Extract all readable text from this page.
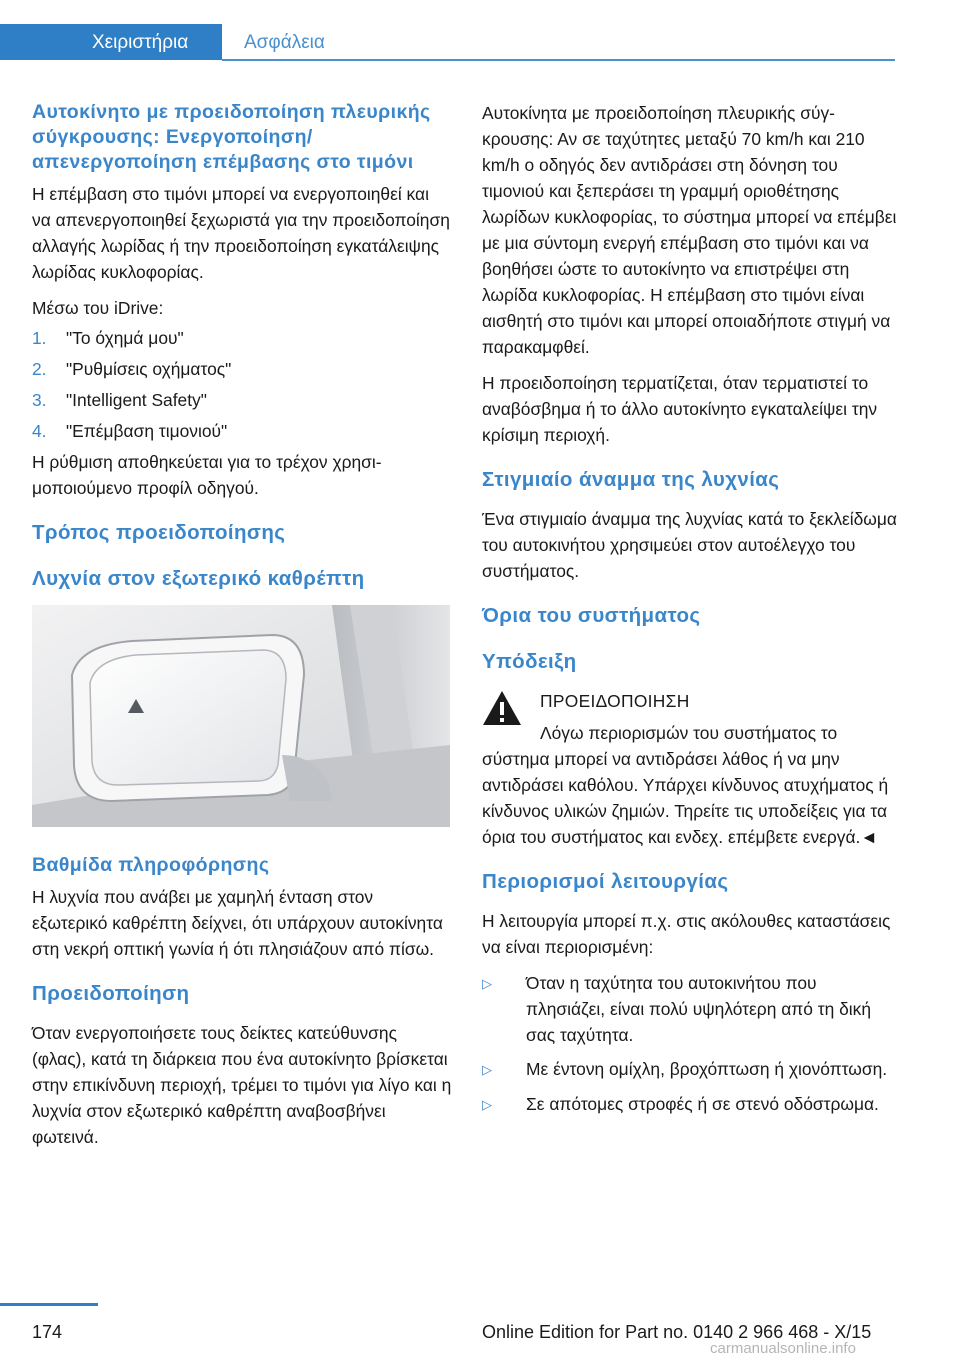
Χειριστήρια	Ασφάλεια
Αυτοκίνητο με προειδοποίηση πλευρικής σύγκρουσης: Ενεργοποίηση/απενεργοποίηση επέμβασης στο τιμόνι

Η επέμβαση στο τιμόνι μπορεί να ενεργοποιηθεί και να απενεργοποιηθεί ξεχωριστά για την προειδοποίηση αλλαγής λωρίδας ή την προειδοποίηση εγκατάλειψης λωρίδας κυκλοφορίας.

Μέσω του iDrive:

1.	"Το όχημά μου"
2.	"Ρυθμίσεις οχήματος"
3.	"Intelligent Safety"
4.	"Επέμβαση τιμονιού"

Η ρύθμιση αποθηκεύεται για το τρέχον χρησιμοποιούμενο προφίλ οδηγού.

Τρόπος προειδοποίησης
Λυχνία στον εξωτερικό καθρέπτη
Βαθμίδα πληροφόρησης

Η λυχνία που ανάβει με χαμηλή ένταση στον εξωτερικό καθρέπτη δείχνει, ότι υπάρχουν αυτοκίνητα στη νεκρή οπτική γωνία ή ότι πλησιάζουν από πίσω.

Προειδοποίηση

Όταν ενεργοποιήσετε τους δείκτες κατεύθυνσης (φλας), κατά τη διάρκεια που ένα αυτοκίνητο βρίσκεται στην επικίνδυνη περιοχή, τρέμει το τιμόνι για λίγο και η λυχνία στον εξωτερικό καθρέπτη αναβοσβήνει φωτεινά.

Αυτοκίνητα με προειδοποίηση πλευρικής σύγκρουσης: Αν σε ταχύτητες μεταξύ 70 km/h και 210 km/h ο οδηγός δεν αντιδράσει στη δόνηση του τιμονιού και ξεπεράσει τη γραμμή οριοθέτησης λωρίδων κυκλοφορίας, το σύστημα μπορεί να επέμβει με μια σύντομη ενεργή επέμβαση στο τιμόνι και να βοηθήσει ώστε το αυτοκίνητο να επιστρέψει στη λωρίδα κυκλοφορίας. Η επέμβαση στο τιμόνι είναι αισθητή στο τιμόνι και μπορεί οποιαδήποτε στιγμή να παρακαμφθεί.

Η προειδοποίηση τερματίζεται, όταν τερματιστεί το αναβόσβημα ή το άλλο αυτοκίνητο εγκαταλείψει την κρίσιμη περιοχή.

Στιγμιαίο άναμμα της λυχνίας

Ένα στιγμιαίο άναμμα της λυχνίας κατά το ξεκλείδωμα του αυτοκινήτου χρησιμεύει στον αυτοέλεγχο του συστήματος.

Όρια του συστήματος
Υπόδειξη
ΠΡΟΕΙΔΟΠΟΙΗΣΗ
Λόγω περιορισμών του συστήματος το
σύστημα μπορεί να αντιδράσει λάθος ή να μην αντιδράσει καθόλου. Υπάρχει κίνδυνος ατυχήματος ή κίνδυνος υλικών ζημιών. Τηρείτε τις υποδείξεις για τα όρια του συστήματος και ενδεχ. επέμβετε ενεργά.◄
Περιορισμοί λειτουργίας

Η λειτουργία μπορεί π.χ. στις ακόλουθες καταστάσεις να είναι περιορισμένη:

▷	Όταν η ταχύτητα του αυτοκινήτου που πλησιάζει, είναι πολύ υψηλότερη από τη δική σας ταχύτητα.
▷	Με έντονη ομίχλη, βροχόπτωση ή χιονόπτωση.
▷	Σε απότομες στροφές ή σε στενό οδόστρωμα.
174	Online Edition for Part no. 0140 2 966 468 - X/15
carmanualsonline.info
